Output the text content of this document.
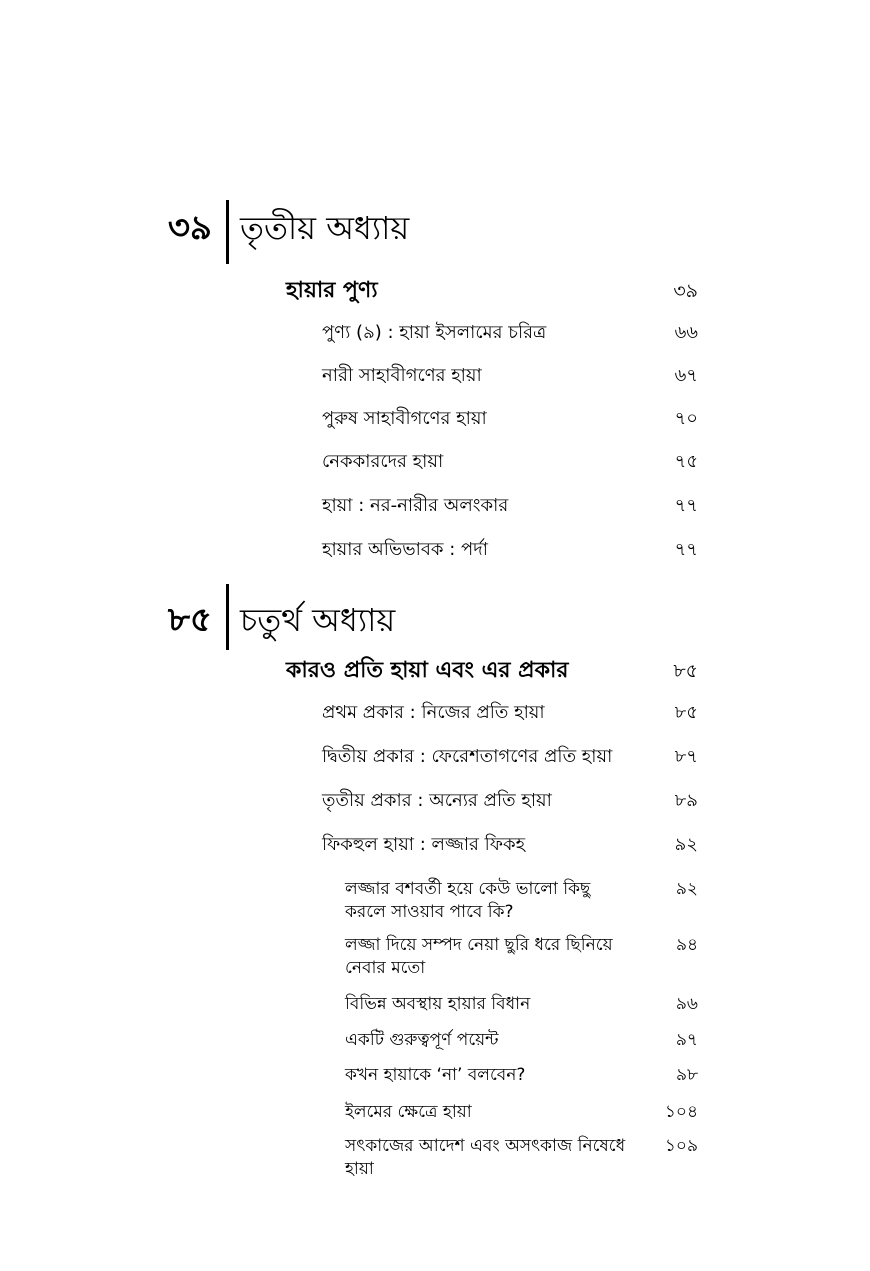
৩৯ তৃতীয় অধ্যায়
হায়ার পুণ্য	৩৯
পুণ্য (৯) : হায়া ইসলামের চরিত্র	৬৬
নারী সাহাবীগণের হায়া	৬৭
পুরুষ সাহাবীগণের হায়া	৭০
নেককারদের হায়া	৭৫
হায়া : নর-নারীর অলংকার	৭৭
হায়ার অভিভাবক : পর্দা	৭৭
৮৫ চতুর্থ অধ্যায়
কারও প্রতি হায়া এবং এর প্রকার	৮৫
প্রথম প্রকার : নিজের প্রতি হায়া	৮৫
দ্বিতীয় প্রকার : ফেরেশতাগণের প্রতি হায়া	৮৭
তৃতীয় প্রকার : অন্যের প্রতি হায়া	৮৯
ফিকহুল হায়া : লজ্জার ফিকহ	৯২
লজ্জার বশবর্তী হয়ে কেউ ভালো কিছু করলে সাওয়াব পাবে কি?
৯২
লজ্জা দিয়ে সম্পদ নেয়া ছুরি ধরে ছিনিয়ে নেবার মতো
৯৪
বিভিন্ন অবস্থায় হায়ার বিধান	৯৬
একটি গুরুত্বপূর্ণ পয়েন্ট	৯৭
কখন হায়াকে ‘না’ বলবেন?	৯৮
ইলমের ক্ষেত্রে হায়া	১০৪
সৎকাজের আদেশ এবং অসৎকাজ নিষেধে হায়া
১০৯
